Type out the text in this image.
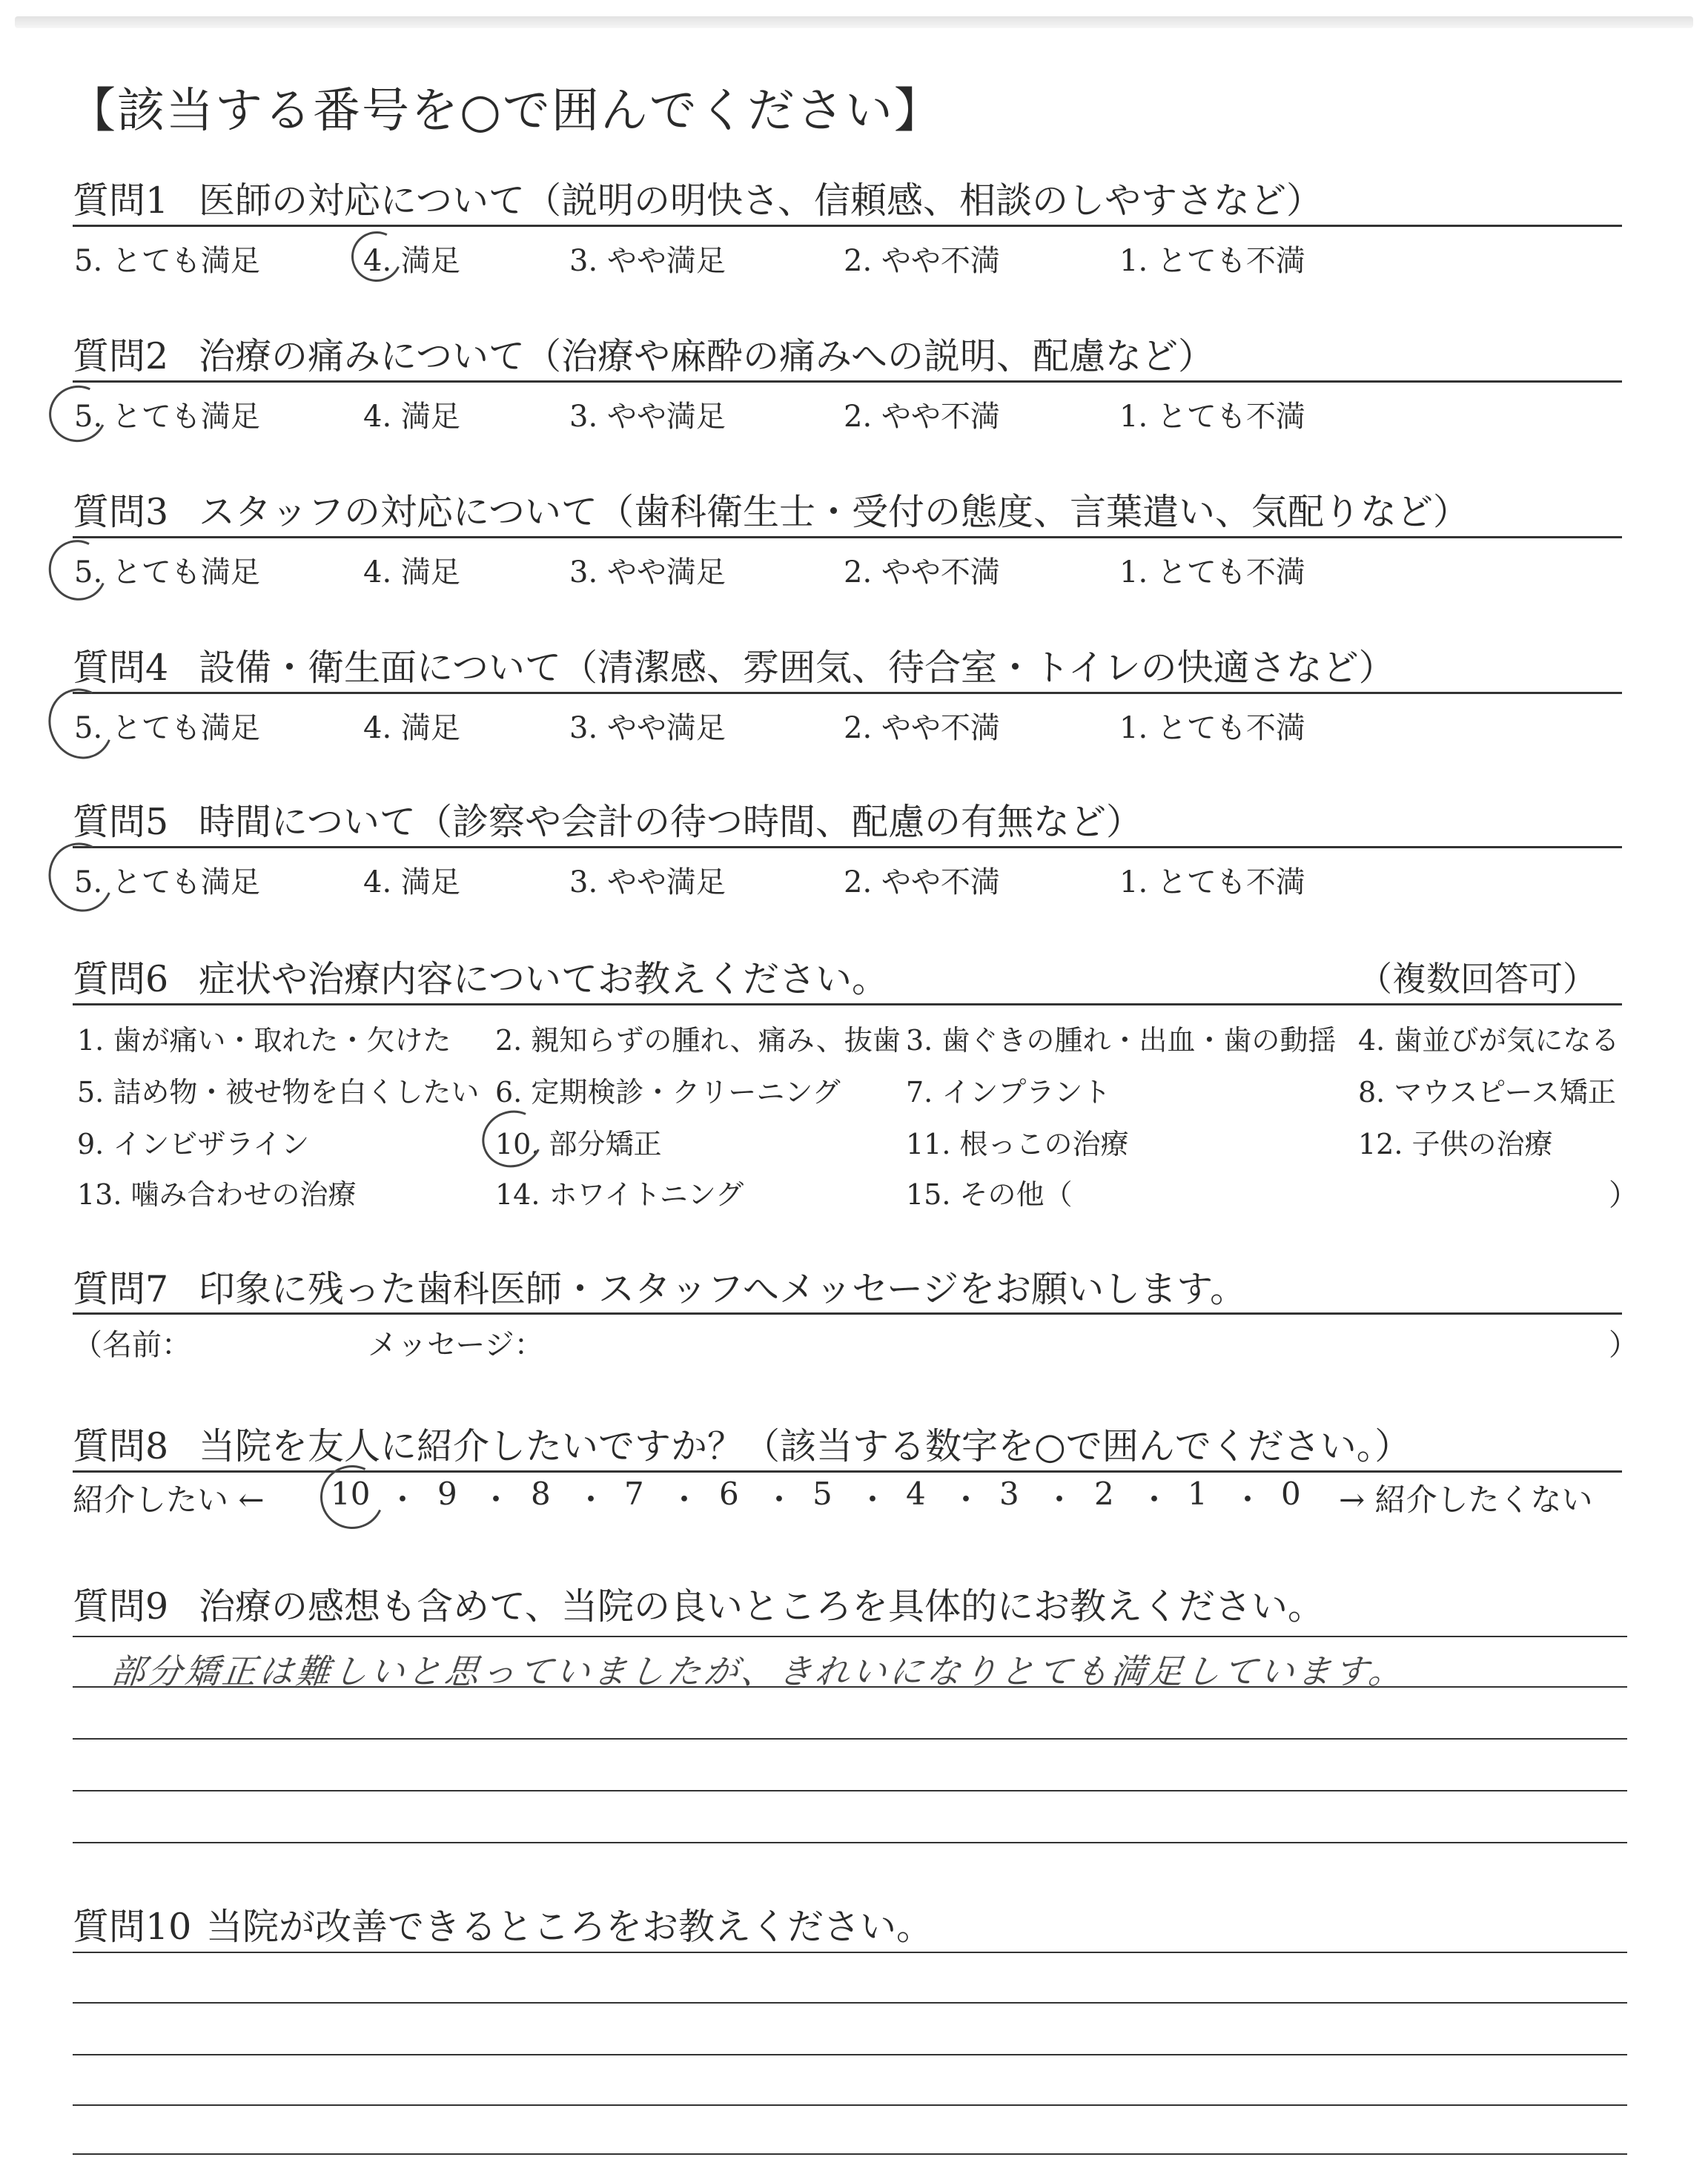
【該当する番号を○で囲んでください】
質問1 医師の対応について（説明の明快さ、信頼感、相談のしやすさなど）
5. とても満足	4. 満足	3. やや満足	2. やや不満	1. とても不満
質問2 治療の痛みについて（治療や麻酔の痛みへの説明、配慮など）
5. とても満足	4. 満足	3. やや満足	2. やや不満	1. とても不満
質問3 スタッフの対応について（歯科衛生士・受付の態度、言葉遣い、気配りなど）
5. とても満足	4. 満足	3. やや満足	2. やや不満	1. とても不満
質問4 設備・衛生面について（清潔感、雰囲気、待合室・トイレの快適さなど）
5. とても満足	4. 満足	3. やや満足	2. やや不満	1. とても不満
質問5 時間について（診察や会計の待つ時間、配慮の有無など）
5. とても満足	4. 満足	3. やや満足	2. やや不満	1. とても不満
質問6 症状や治療内容についてお教えください。	（複数回答可）
1. 歯が痛い・取れた・欠けた 2. 親知らずの腫れ、痛み、抜歯 3. 歯ぐきの腫れ・出血・歯の動揺 4. 歯並びが気になる
5. 詰め物・被せ物を白くしたい 6. 定期検診・クリーニング 7. インプラント	8. マウスピース矯正
9. インビザライン	10. 部分矯正	11. 根っこの治療	12. 子供の治療
13. 噛み合わせの治療	14. ホワイトニング	15. その他（	）
質問7 印象に残った歯科医師・スタッフへメッセージをお願いします。
（名前：	メッセージ：	）
質問8 当院を友人に紹介したいですか？（該当する数字を○で囲んでください。）
紹介したい ← 10 ・ 9 ・ 8 ・ 7 ・ 6 ・ 5 ・ 4 ・ 3 ・ 2 ・ 1 ・ 0 → 紹介したくない
質問9 治療の感想も含めて、当院の良いところを具体的にお教えください。
部分矯正は難しいと思っていましたが、きれいになりとても満足しています。
質問10 当院が改善できるところをお教えください。
